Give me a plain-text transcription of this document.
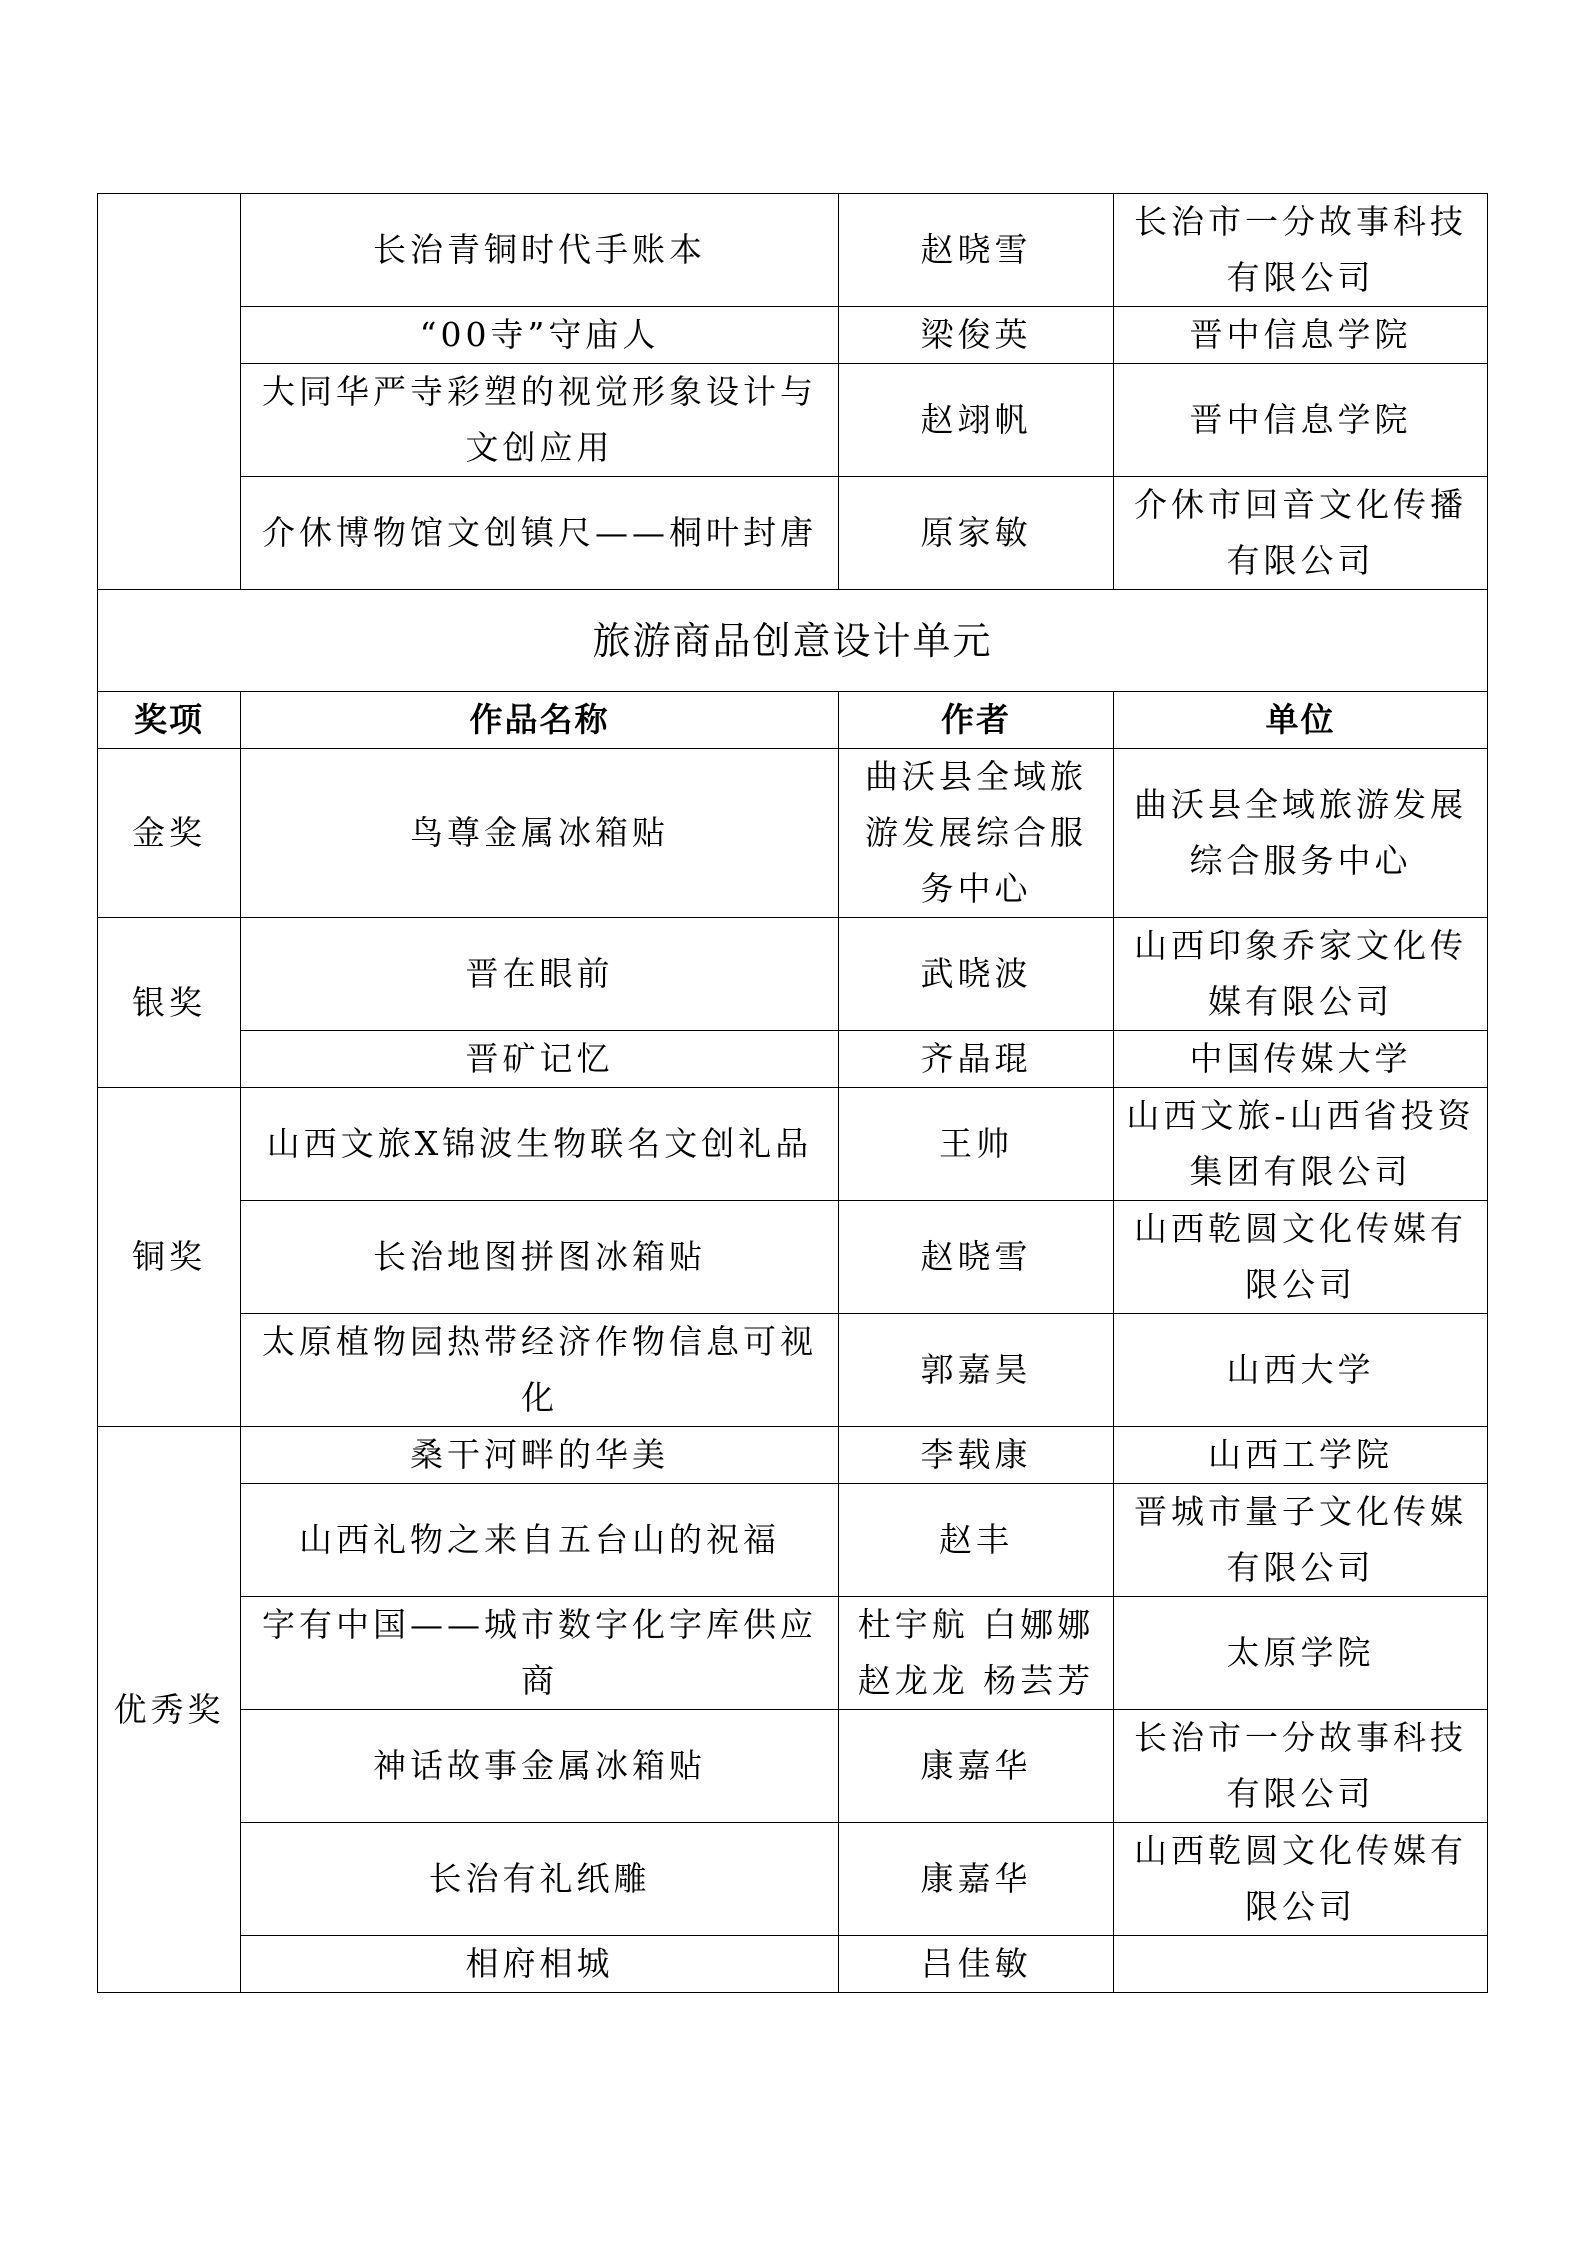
	长治青铜时代手账本	赵晓雪	长治市一分故事科技有限公司
	“00寺”守庙人	梁俊英	晋中信息学院
	大同华严寺彩塑的视觉形象设计与文创应用	赵翊帆	晋中信息学院
	介休博物馆文创镇尺——桐叶封唐	原家敏	介休市回音文化传播有限公司
旅游商品创意设计单元			
奖项	作品名称	作者	单位
金奖	鸟尊金属冰箱贴	曲沃县全域旅游发展综合服务中心	曲沃县全域旅游发展综合服务中心
银奖	晋在眼前	武晓波	山西印象乔家文化传媒有限公司
	晋矿记忆	齐晶琨	中国传媒大学
铜奖	山西文旅X锦波生物联名文创礼品	王帅	山西文旅-山西省投资集团有限公司
	长治地图拼图冰箱贴	赵晓雪	山西乾圆文化传媒有限公司
	太原植物园热带经济作物信息可视化	郭嘉昊	山西大学
优秀奖	桑干河畔的华美	李载康	山西工学院
	山西礼物之来自五台山的祝福	赵丰	晋城市量子文化传媒有限公司
	字有中国——城市数字化字库供应商	杜宇航 白娜娜 赵龙龙 杨芸芳	太原学院
	神话故事金属冰箱贴	康嘉华	长治市一分故事科技有限公司
	长治有礼纸雕	康嘉华	山西乾圆文化传媒有限公司
	相府相城	吕佳敏	
